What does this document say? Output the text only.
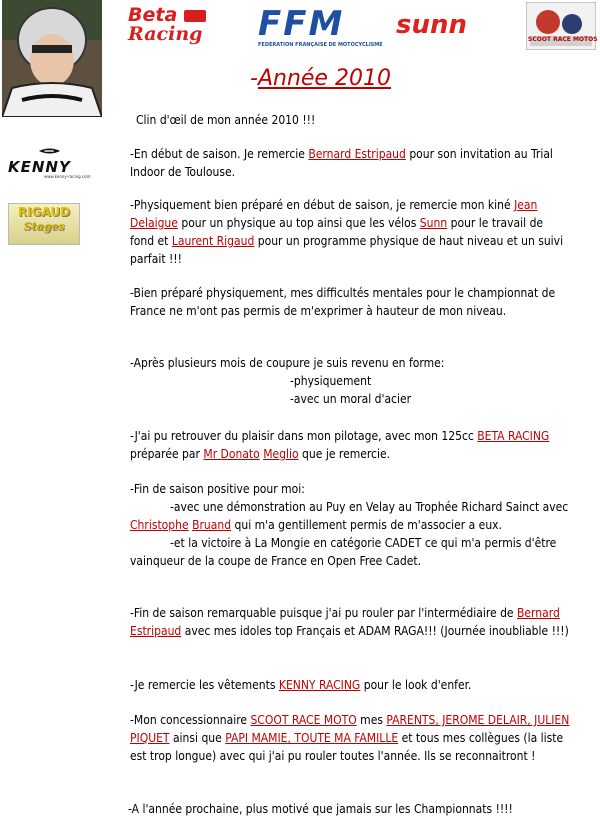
Beta
Racing	FFM
FEDERATION FRANÇAISE DE MOTOCYCLISME
sunn	SCOOT RACE MOTOS
KENNY
www.kenny-racing.com
RIGAUD
Stages
-Année 2010
Clin d'œil de mon année 2010 !!!
-En début de saison. Je remercie Bernard Estripaud pour son invitation au Trial Indoor de Toulouse.
-Physiquement bien préparé en début de saison, je remercie mon kiné Jean Delaigue pour un physique au top ainsi que les vélos Sunn pour le travail de fond et Laurent Rigaud pour un programme physique de haut niveau et un suivi parfait !!!
-Bien préparé physiquement, mes difficultés mentales pour le championnat de France ne m'ont pas permis de m'exprimer à hauteur de mon niveau.
-Après plusieurs mois de coupure je suis revenu en forme:
-physiquement
-avec un moral d'acier
-J'ai pu retrouver du plaisir dans mon pilotage, avec mon 125cc BETA RACING préparée par Mr Donato Meglio que je remercie.
-Fin de saison positive pour moi:
-avec une démonstration au Puy en Velay au Trophée Richard Sainct avec Christophe Bruand qui m'a gentillement permis de m'associer a eux.
-et la victoire à La Mongie en catégorie CADET ce qui m'a permis d'être vainqueur de la coupe de France en Open Free Cadet.
-Fin de saison remarquable puisque j'ai pu rouler par l'intermédiaire de Bernard Estripaud avec mes idoles top Français et ADAM RAGA!!! (Journée inoubliable !!!)
-Je remercie les vêtements KENNY RACING pour le look d'enfer.
-Mon concessionnaire SCOOT RACE MOTO mes PARENTS, JEROME DELAIR, JULIEN PIQUET ainsi que PAPI MAMIE, TOUTE MA FAMILLE et tous mes collègues (la liste est trop longue) avec qui j'ai pu rouler toutes l'année. Ils se reconnaitront !
-A l'année prochaine, plus motivé que jamais sur les Championnats !!!!
